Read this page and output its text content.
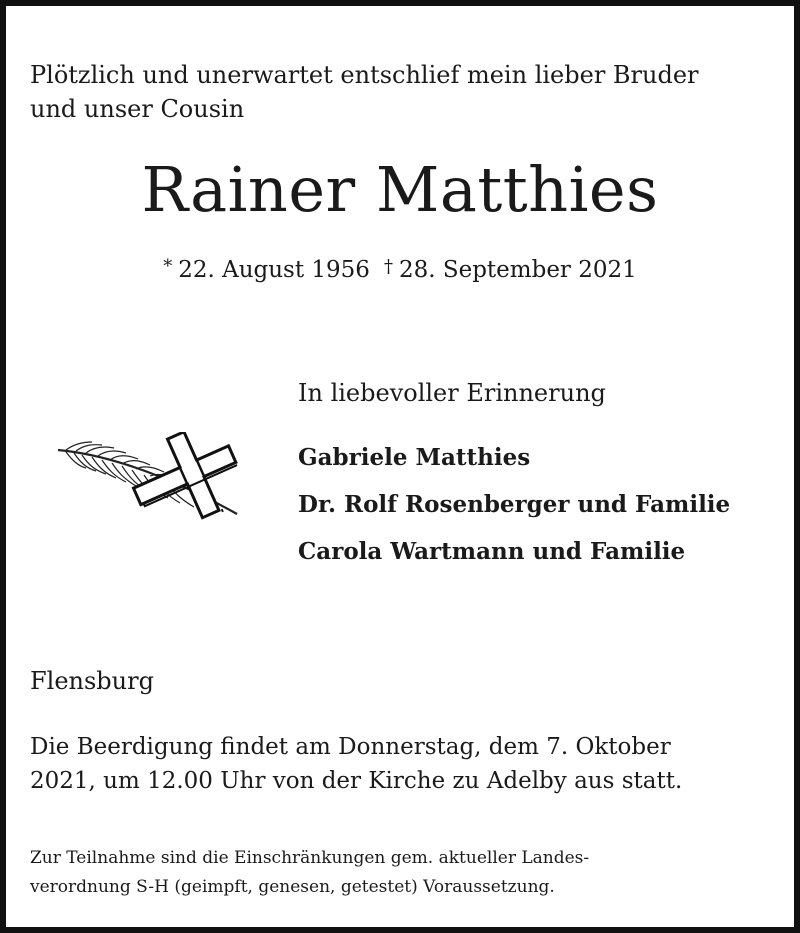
Plötzlich und unerwartet entschlief mein lieber Bruder
und unser Cousin
Rainer Matthies
* 22. August 1956 † 28. September 2021
In liebevoller Erinnerung
Gabriele Matthies
Dr. Rolf Rosenberger und Familie
Carola Wartmann und Familie
Flensburg
Die Beerdigung findet am Donnerstag, dem 7. Oktober
2021, um 12.00 Uhr von der Kirche zu Adelby aus statt.
Zur Teilnahme sind die Einschränkungen gem. aktueller Landes-
verordnung S-H (geimpft, genesen, getestet) Voraussetzung.
